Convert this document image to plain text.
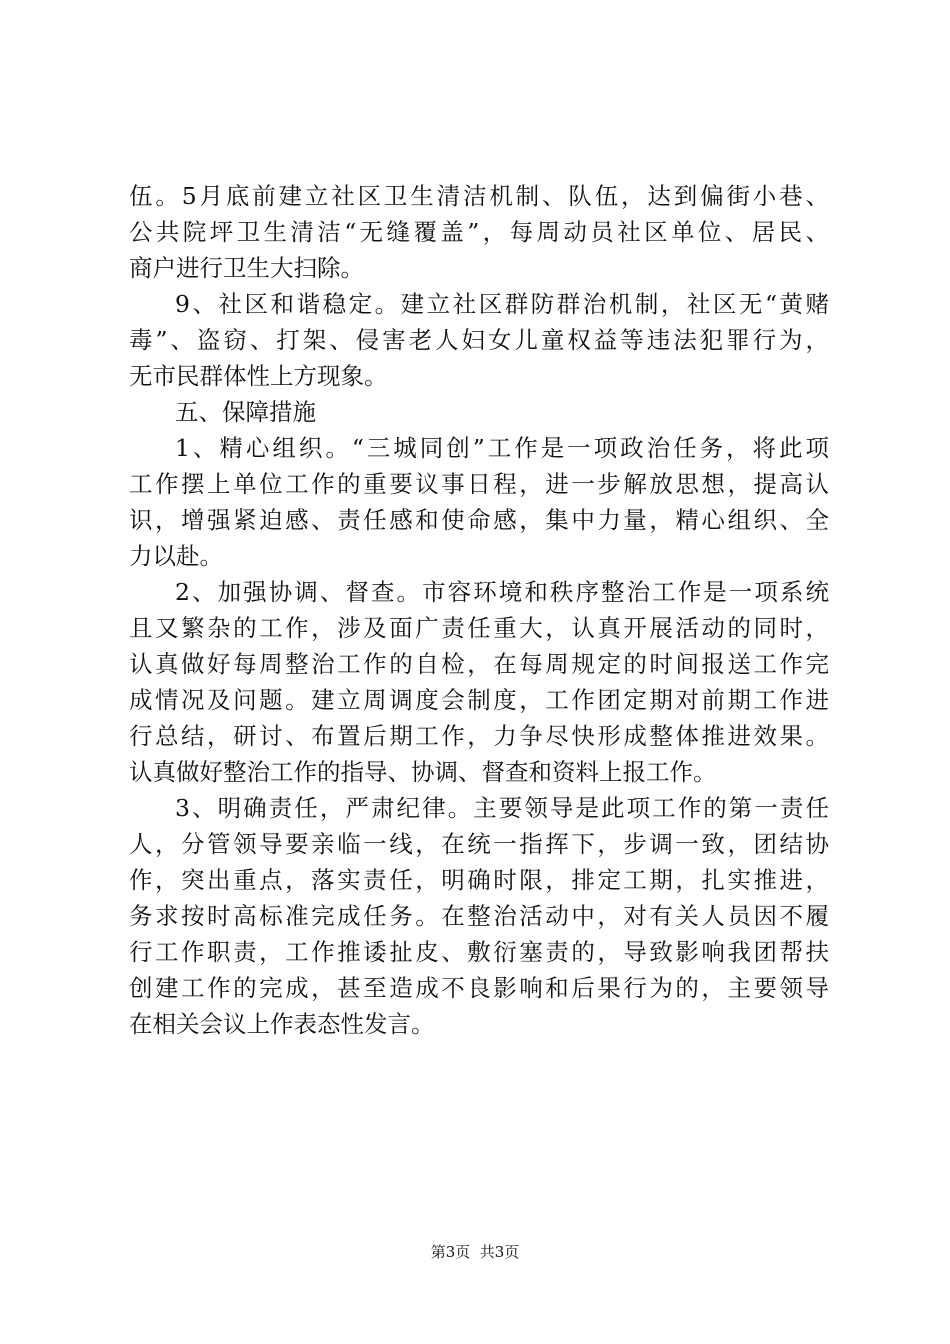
伍。5月底前建立社区卫生清洁机制、队伍，达到偏街小巷、
公共院坪卫生清洁“无缝覆盖”，每周动员社区单位、居民、
商户进行卫生大扫除。
9、社区和谐稳定。建立社区群防群治机制，社区无“黄赌
毒”、盗窃、打架、侵害老人妇女儿童权益等违法犯罪行为，
无市民群体性上方现象。
五、保障措施
1、精心组织。“三城同创”工作是一项政治任务，将此项
工作摆上单位工作的重要议事日程，进一步解放思想，提高认
识，增强紧迫感、责任感和使命感，集中力量，精心组织、全
力以赴。
2、加强协调、督查。市容环境和秩序整治工作是一项系统
且又繁杂的工作，涉及面广责任重大，认真开展活动的同时，
认真做好每周整治工作的自检，在每周规定的时间报送工作完
成情况及问题。建立周调度会制度，工作团定期对前期工作进
行总结，研讨、布置后期工作，力争尽快形成整体推进效果。
认真做好整治工作的指导、协调、督查和资料上报工作。
3、明确责任，严肃纪律。主要领导是此项工作的第一责任
人，分管领导要亲临一线，在统一指挥下，步调一致，团结协
作，突出重点，落实责任，明确时限，排定工期，扎实推进，
务求按时高标准完成任务。在整治活动中，对有关人员因不履
行工作职责，工作推诿扯皮、敷衍塞责的，导致影响我团帮扶
创建工作的完成，甚至造成不良影响和后果行为的，主要领导
在相关会议上作表态性发言。
第3页  共3页
